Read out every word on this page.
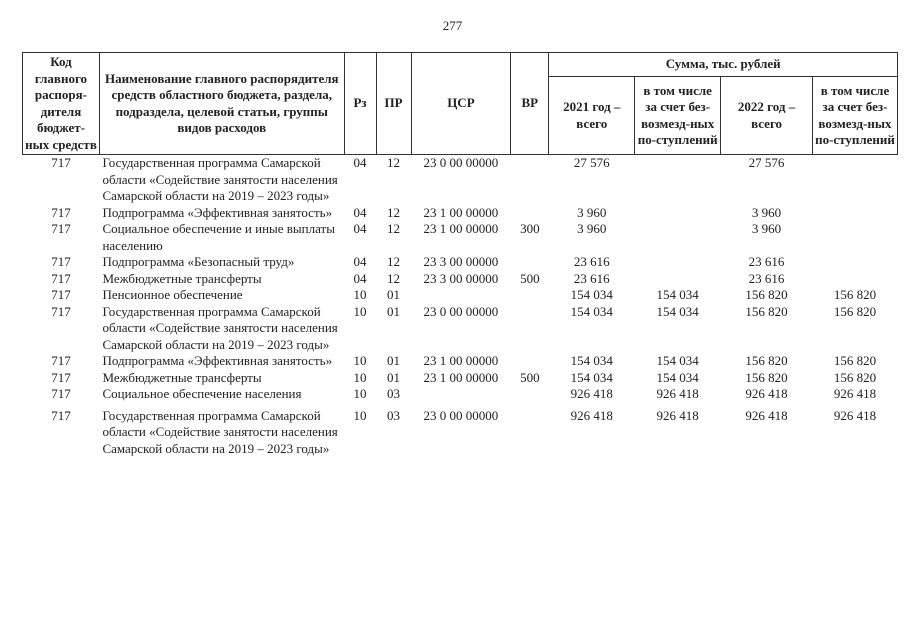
277
Код главного распоря-дителя бюджет-ных средств	Наименование главного распорядителя средств областного бюджета, раздела, подраздела, целевой статьи, группы видов расходов	Рз	ПР	ЦСР	ВР	Сумма, тыс. рублей			
						2021 год – всего	в том числе за счет без-возмезд-ных по-ступлений	2022 год – всего	в том числе за счет без-возмезд-ных по-ступлений
717	Государственная программа Самарской области «Содействие занятости населения Самарской области на 2019 – 2023 годы»	04	12	23 0 00 00000		27 576		27 576	
717	Подпрограмма «Эффективная занятость»	04	12	23 1 00 00000		3 960		3 960	
717	Социальное обеспечение и иные выплаты населению	04	12	23 1 00 00000	300	3 960		3 960	
717	Подпрограмма «Безопасный труд»	04	12	23 3 00 00000		23 616		23 616	
717	Межбюджетные трансферты	04	12	23 3 00 00000	500	23 616		23 616	
717	Пенсионное обеспечение	10	01			154 034	154 034	156 820	156 820
717	Государственная программа Самарской области «Содействие занятости населения Самарской области на 2019 – 2023 годы»	10	01	23 0 00 00000		154 034	154 034	156 820	156 820
717	Подпрограмма «Эффективная занятость»	10	01	23 1 00 00000		154 034	154 034	156 820	156 820
717	Межбюджетные трансферты	10	01	23 1 00 00000	500	154 034	154 034	156 820	156 820
717	Социальное обеспечение населения	10	03			926 418	926 418	926 418	926 418
717	Государственная программа Самарской области «Содействие занятости населения Самарской области на 2019 – 2023 годы»	10	03	23 0 00 00000		926 418	926 418	926 418	926 418
